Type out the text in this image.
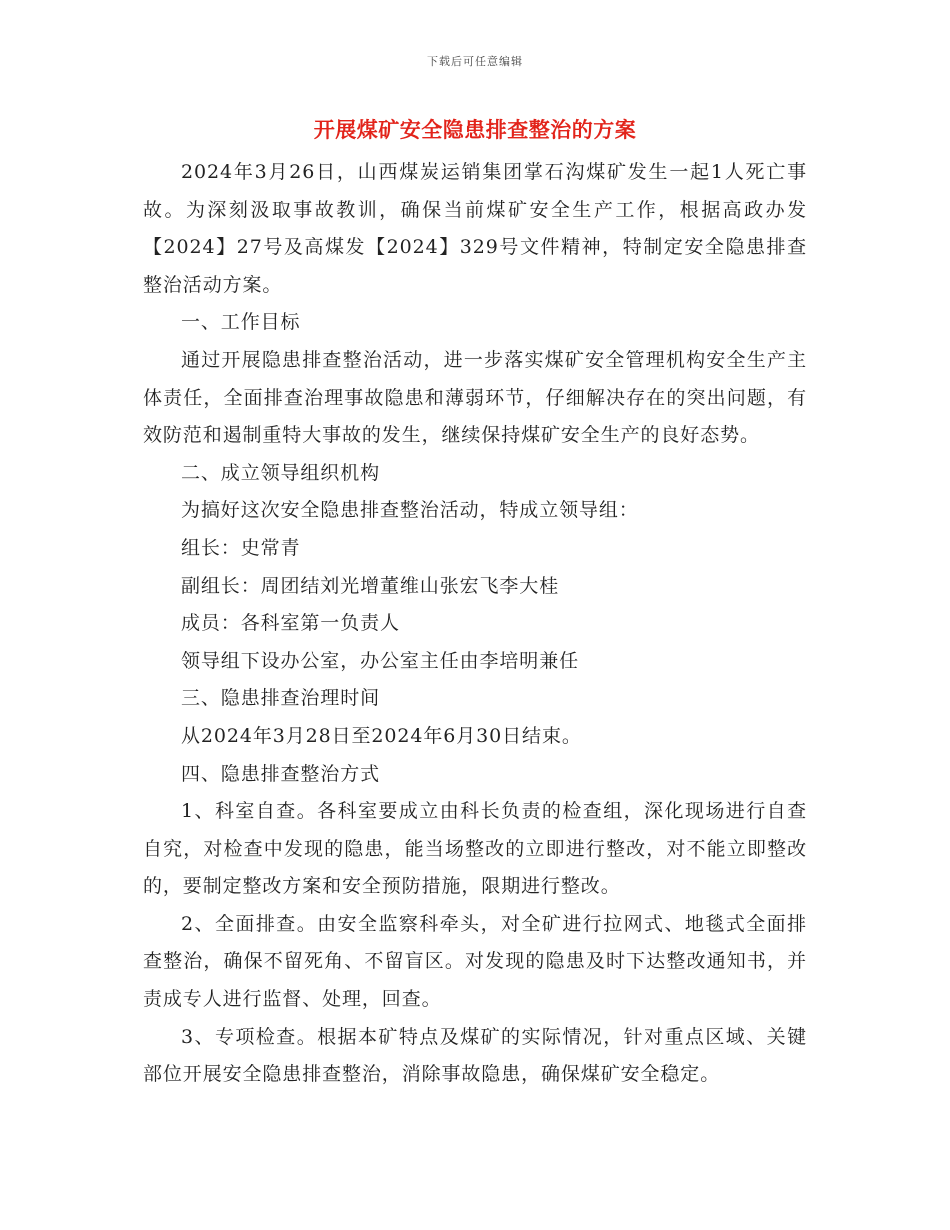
下载后可任意编辑
开展煤矿安全隐患排查整治的方案

2024年3月26日，山西煤炭运销集团掌石沟煤矿发生一起1人死亡事故。为深刻汲取事故教训，确保当前煤矿安全生产工作，根据高政办发【2024】27号及高煤发【2024】329号文件精神，特制定安全隐患排查整治活动方案。

一、工作目标

通过开展隐患排查整治活动，进一步落实煤矿安全管理机构安全生产主体责任，全面排查治理事故隐患和薄弱环节，仔细解决存在的突出问题，有效防范和遏制重特大事故的发生，继续保持煤矿安全生产的良好态势。

二、成立领导组织机构

为搞好这次安全隐患排查整治活动，特成立领导组：

组长：史常青

副组长：周团结刘光增董维山张宏飞李大桂

成员：各科室第一负责人

领导组下设办公室，办公室主任由李培明兼任

三、隐患排查治理时间

从2024年3月28日至2024年6月30日结束。

四、隐患排查整治方式

1、科室自查。各科室要成立由科长负责的检查组，深化现场进行自查自究，对检查中发现的隐患，能当场整改的立即进行整改，对不能立即整改的，要制定整改方案和安全预防措施，限期进行整改。

2、全面排查。由安全监察科牵头，对全矿进行拉网式、地毯式全面排查整治，确保不留死角、不留盲区。对发现的隐患及时下达整改通知书，并责成专人进行监督、处理，回查。

3、专项检查。根据本矿特点及煤矿的实际情况，针对重点区域、关键部位开展安全隐患排查整治，消除事故隐患，确保煤矿安全稳定。
